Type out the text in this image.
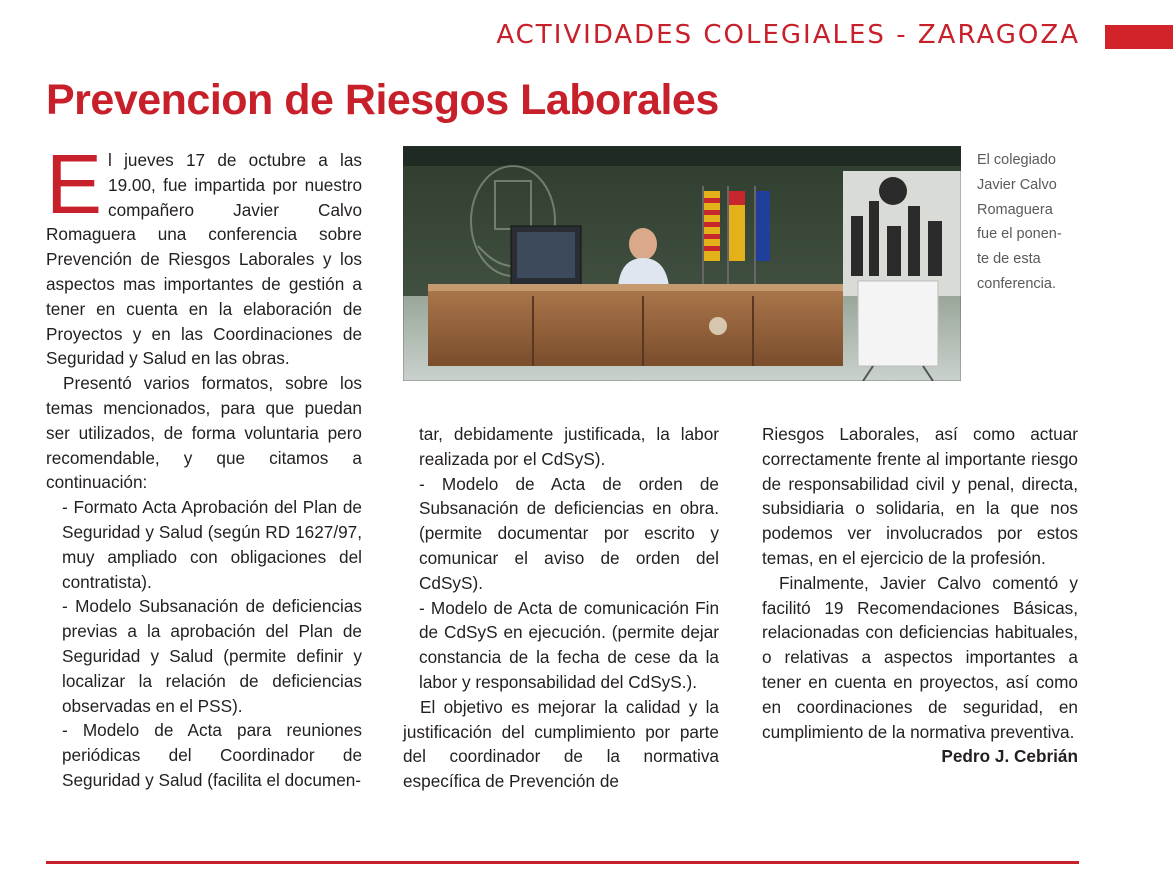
ACTIVIDADES COLEGIALES - ZARAGOZA
Prevencion de Riesgos Laborales

El jueves 17 de octubre a las 19.00, fue impartida por nuestro compañero Javier Calvo Romaguera una conferencia sobre Prevención de Riesgos Laborales y los aspectos mas importantes de gestión a tener en cuenta en la elaboración de Proyectos y en las Coordinaciones de Seguridad y Salud en las obras.

Presentó varios formatos, sobre los temas mencionados, para que puedan ser utilizados, de forma voluntaria pero recomendable, y que citamos a continuación:

- Formato Acta Aprobación del Plan de Seguridad y Salud (según RD 1627/97, muy ampliado con obligaciones del contratista).

- Modelo Subsanación de deficiencias previas a la aprobación del Plan de Seguridad y Salud (permite definir y localizar la relación de deficiencias observadas en el PSS).

- Modelo de Acta para reuniones periódicas del Coordinador de Seguridad y Salud (facilita el documen-

El colegiado
Javier Calvo
Romaguera
fue el ponen-
te de esta
conferencia.

tar, debidamente justificada, la labor realizada por el CdSyS).

- Modelo de Acta de orden de Subsanación de deficiencias en obra. (permite documentar por escrito y comunicar el aviso de orden del CdSyS).

- Modelo de Acta de comunicación Fin de CdSyS en ejecución. (permite dejar constancia de la fecha de cese da la labor y responsabilidad del CdSyS.).

El objetivo es mejorar la calidad y la justificación del cumplimiento por parte del coordinador de la normativa específica de Prevención de

Riesgos Laborales, así como actuar correctamente frente al importante riesgo de responsabilidad civil y penal, directa, subsidiaria o solidaria, en la que nos podemos ver involucrados por estos temas, en el ejercicio de la profesión.

Finalmente, Javier Calvo comentó y facilitó 19 Recomendaciones Básicas, relacionadas con deficiencias habituales, o relativas a aspectos importantes a tener en cuenta en proyectos, así como en coordinaciones de seguridad, en cumplimiento de la normativa preventiva.

Pedro J. Cebrián
